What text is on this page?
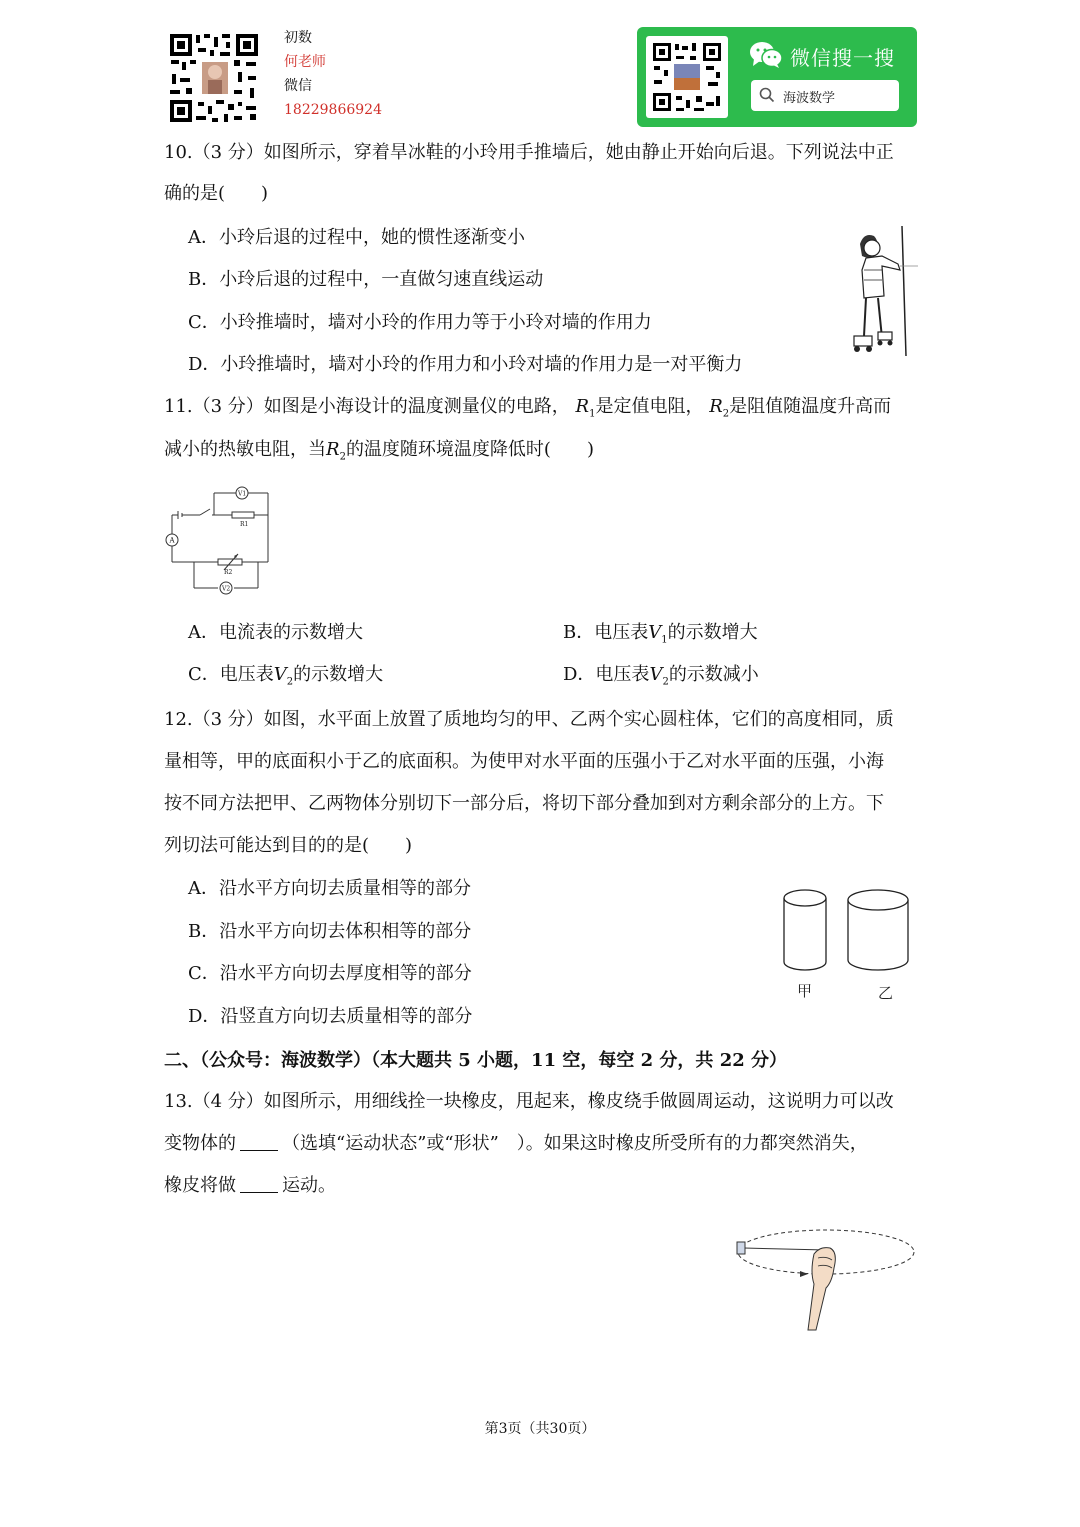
初数
何老师
微信
18229866924
微信搜一搜
海波数学
10.（3 分）如图所示，穿着旱冰鞋的小玲用手推墙后，她由静止开始向后退。下列说法中正
确的是(　　)
A．小玲后退的过程中，她的惯性逐渐变小
B．小玲后退的过程中，一直做匀速直线运动
C．小玲推墙时，墙对小玲的作用力等于小玲对墙的作用力
D．小玲推墙时，墙对小玲的作用力和小玲对墙的作用力是一对平衡力
11.（3 分）如图是小海设计的温度测量仪的电路， $R_1$是定值电阻， $R_2$是阻值随温度升高而
减小的热敏电阻，当$R_2$的温度随环境温度降低时(　　)
V1
V2
A
R1
R2
A．电流表的示数增大	B．电压表$V_1$的示数增大
C．电压表$V_2$的示数增大	D．电压表$V_2$的示数减小
12.（3 分）如图，水平面上放置了质地均匀的甲、乙两个实心圆柱体，它们的高度相同，质
量相等，甲的底面积小于乙的底面积。为使甲对水平面的压强小于乙对水平面的压强，小海
按不同方法把甲、乙两物体分别切下一部分后，将切下部分叠加到对方剩余部分的上方。下
列切法可能达到目的的是(　　)
A．沿水平方向切去质量相等的部分
B．沿水平方向切去体积相等的部分
C．沿水平方向切去厚度相等的部分
D．沿竖直方向切去质量相等的部分
甲	乙
二、（公众号：海波数学）（本大题共 5 小题，11 空，每空 2 分，共 22 分）
13.（4 分）如图所示，用细线拴一块橡皮，甩起来，橡皮绕手做圆周运动，这说明力可以改
变物体的	（选填“运动状态”或“形状”　）。如果这时橡皮所受所有的力都突然消失，
橡皮将做	运动。
第3页（共30页）
